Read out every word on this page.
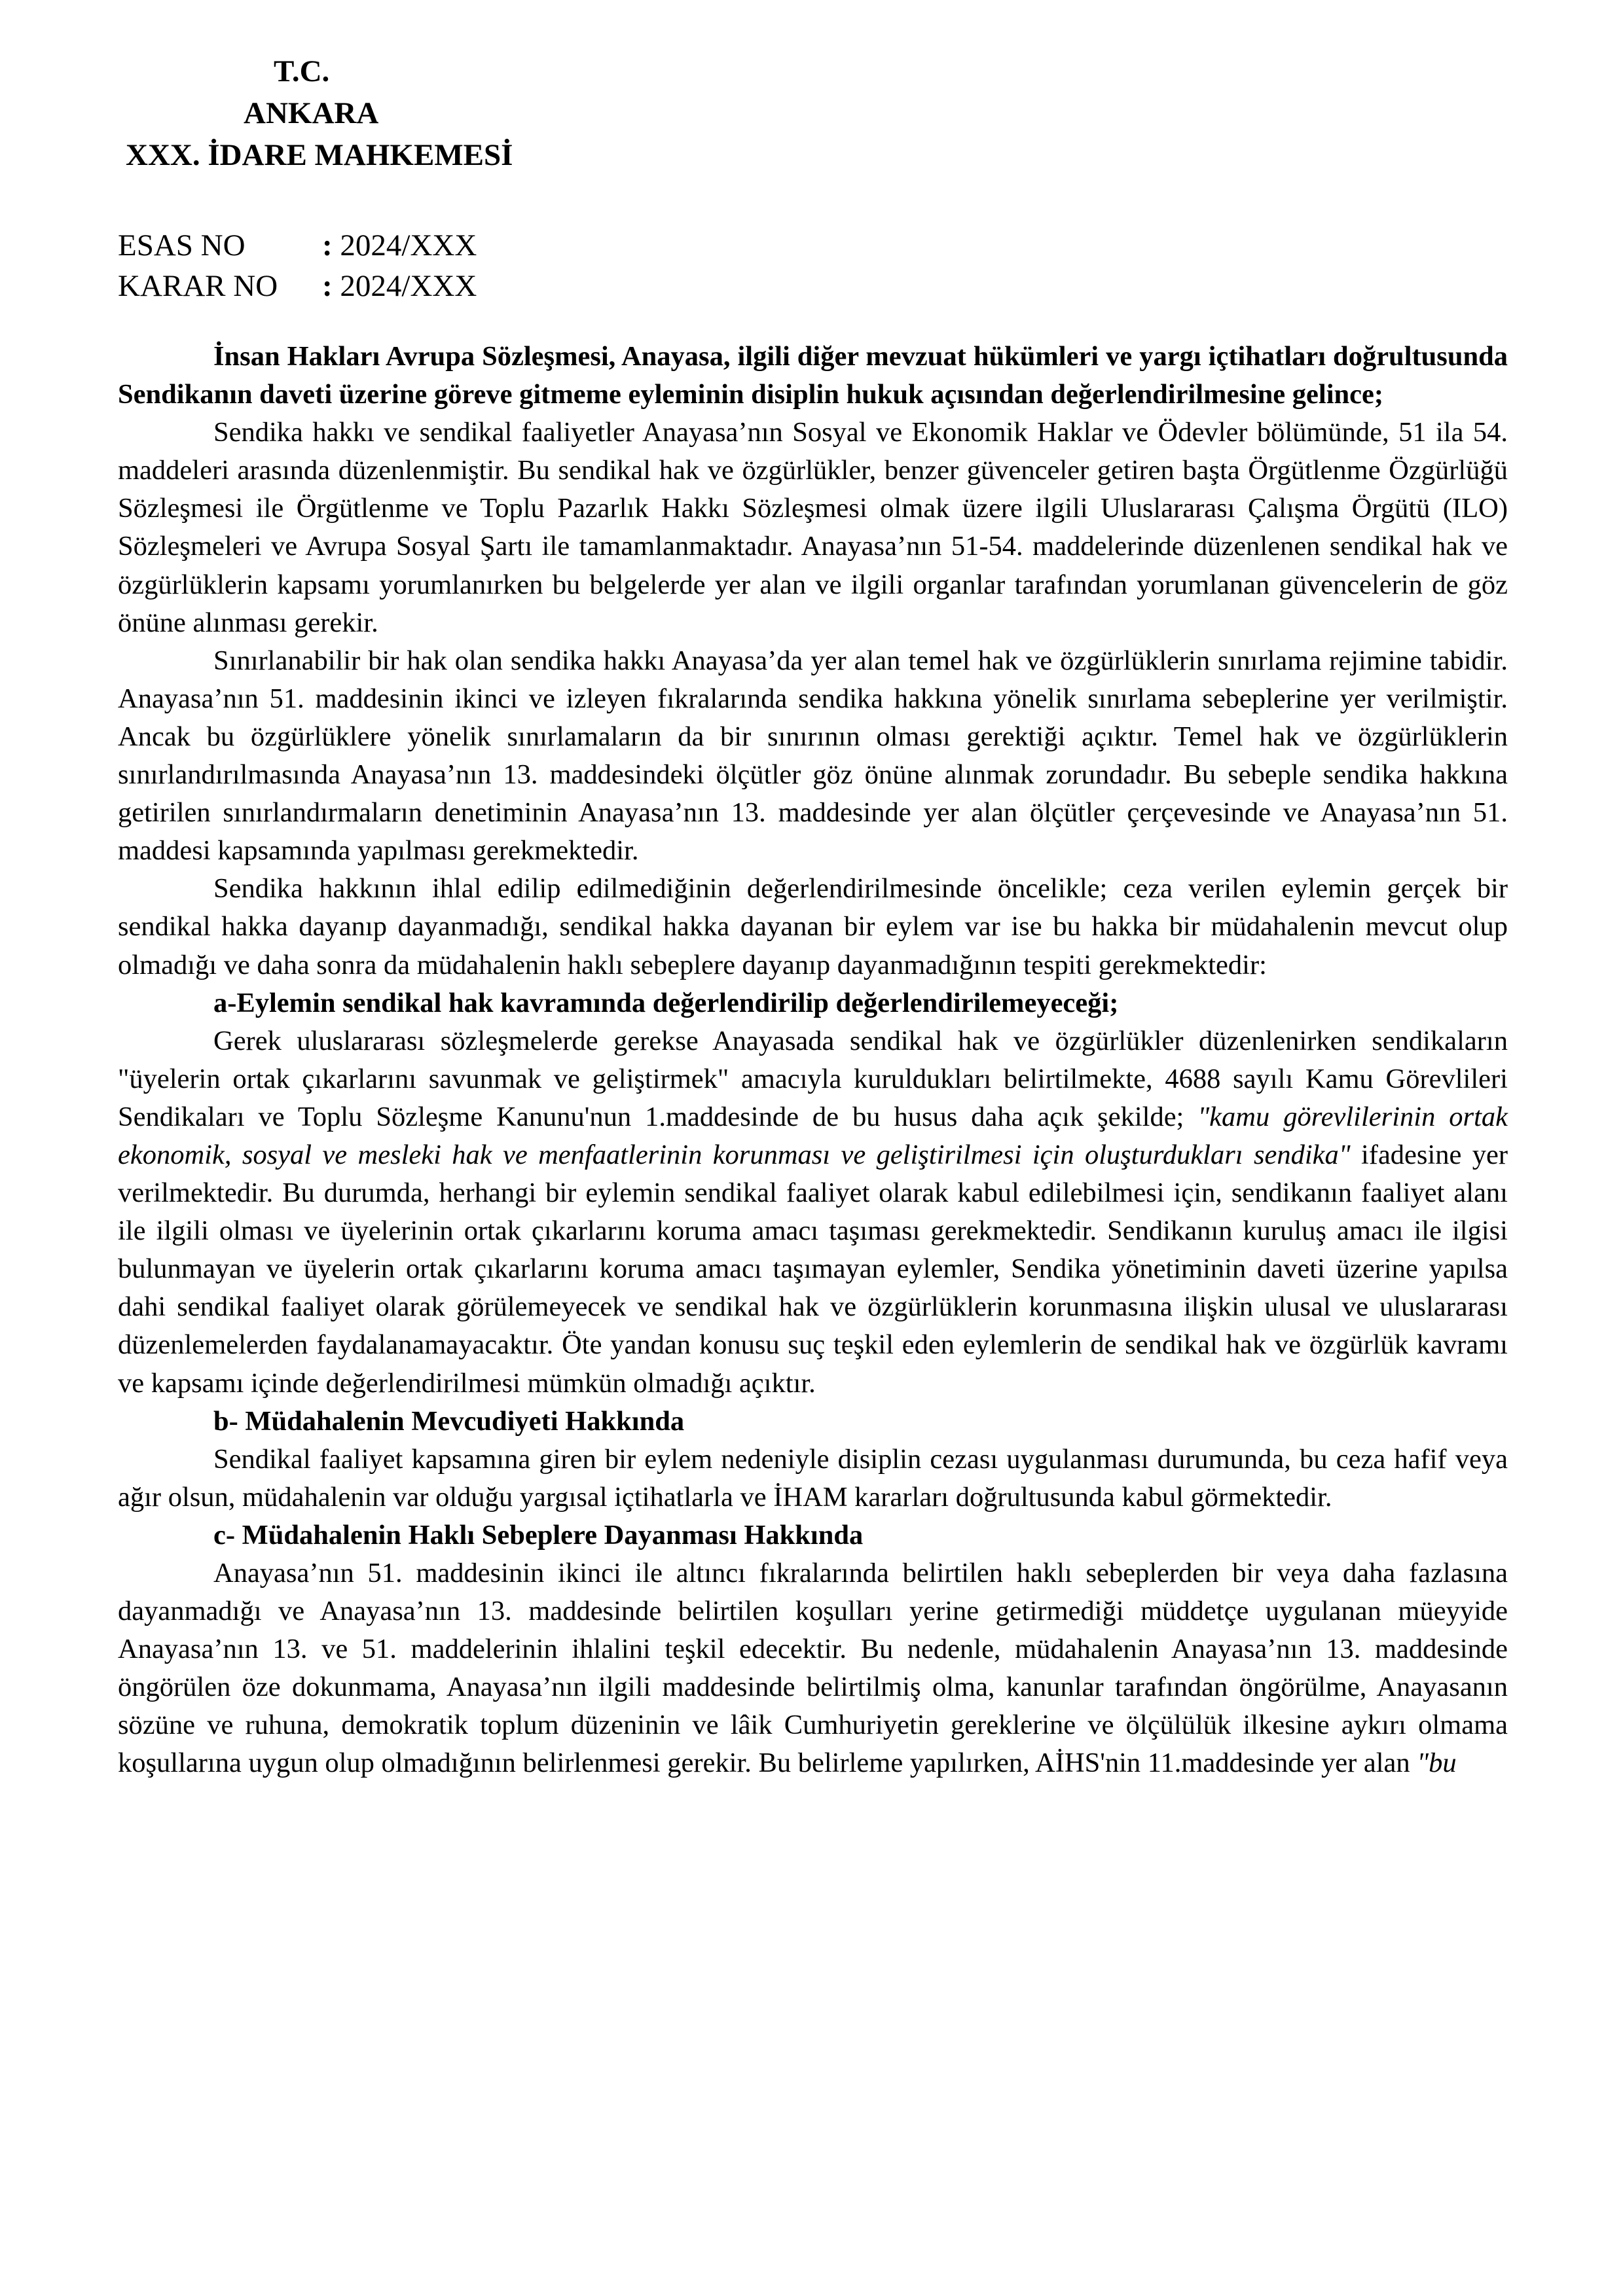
T.C.
ANKARA
XXX. İDARE MAHKEMESİ
ESAS NO : 2024/XXX
KARAR NO : 2024/XXX

İnsan Hakları Avrupa Sözleşmesi, Anayasa, ilgili diğer mevzuat hükümleri ve yargı içtihatları doğrultusunda Sendikanın daveti üzerine göreve gitmeme eyleminin disiplin hukuk açısından değerlendirilmesine gelince;

Sendika hakkı ve sendikal faaliyetler Anayasa’nın Sosyal ve Ekonomik Haklar ve Ödevler bölümünde, 51 ila 54. maddeleri arasında düzenlenmiştir. Bu sendikal hak ve özgürlükler, benzer güvenceler getiren başta Örgütlenme Özgürlüğü Sözleşmesi ile Örgütlenme ve Toplu Pazarlık Hakkı Sözleşmesi olmak üzere ilgili Uluslararası Çalışma Örgütü (ILO) Sözleşmeleri ve Avrupa Sosyal Şartı ile tamamlanmaktadır. Anayasa’nın 51-54. maddelerinde düzenlenen sendikal hak ve özgürlüklerin kapsamı yorumlanırken bu belgelerde yer alan ve ilgili organlar tarafından yorumlanan güvencelerin de göz önüne alınması gerekir.

Sınırlanabilir bir hak olan sendika hakkı Anayasa’da yer alan temel hak ve özgürlüklerin sınırlama rejimine tabidir. Anayasa’nın 51. maddesinin ikinci ve izleyen fıkralarında sendika hakkına yönelik sınırlama sebeplerine yer verilmiştir. Ancak bu özgürlüklere yönelik sınırlamaların da bir sınırının olması gerektiği açıktır. Temel hak ve özgürlüklerin sınırlandırılmasında Anayasa’nın 13. maddesindeki ölçütler göz önüne alınmak zorundadır. Bu sebeple sendika hakkına getirilen sınırlandırmaların denetiminin Anayasa’nın 13. maddesinde yer alan ölçütler çerçevesinde ve Anayasa’nın 51. maddesi kapsamında yapılması gerekmektedir.

Sendika hakkının ihlal edilip edilmediğinin değerlendirilmesinde öncelikle; ceza verilen eylemin gerçek bir sendikal hakka dayanıp dayanmadığı, sendikal hakka dayanan bir eylem var ise bu hakka bir müdahalenin mevcut olup olmadığı ve daha sonra da müdahalenin haklı sebeplere dayanıp dayanmadığının tespiti gerekmektedir:

a-Eylemin sendikal hak kavramında değerlendirilip değerlendirilemeyeceği;

Gerek uluslararası sözleşmelerde gerekse Anayasada sendikal hak ve özgürlükler düzenlenirken sendikaların "üyelerin ortak çıkarlarını savunmak ve geliştirmek" amacıyla kuruldukları belirtilmekte, 4688 sayılı Kamu Görevlileri Sendikaları ve Toplu Sözleşme Kanunu'nun 1.maddesinde de bu husus daha açık şekilde; "kamu görevlilerinin ortak ekonomik, sosyal ve mesleki hak ve menfaatlerinin korunması ve geliştirilmesi için oluşturdukları sendika" ifadesine yer verilmektedir. Bu durumda, herhangi bir eylemin sendikal faaliyet olarak kabul edilebilmesi için, sendikanın faaliyet alanı ile ilgili olması ve üyelerinin ortak çıkarlarını koruma amacı taşıması gerekmektedir. Sendikanın kuruluş amacı ile ilgisi bulunmayan ve üyelerin ortak çıkarlarını koruma amacı taşımayan eylemler, Sendika yönetiminin daveti üzerine yapılsa dahi sendikal faaliyet olarak görülemeyecek ve sendikal hak ve özgürlüklerin korunmasına ilişkin ulusal ve uluslararası düzenlemelerden faydalanamayacaktır. Öte yandan konusu suç teşkil eden eylemlerin de sendikal hak ve özgürlük kavramı ve kapsamı içinde değerlendirilmesi mümkün olmadığı açıktır.

b- Müdahalenin Mevcudiyeti Hakkında

Sendikal faaliyet kapsamına giren bir eylem nedeniyle disiplin cezası uygulanması durumunda, bu ceza hafif veya ağır olsun, müdahalenin var olduğu yargısal içtihatlarla ve İHAM kararları doğrultusunda kabul görmektedir.

c- Müdahalenin Haklı Sebeplere Dayanması Hakkında

Anayasa’nın 51. maddesinin ikinci ile altıncı fıkralarında belirtilen haklı sebeplerden bir veya daha fazlasına dayanmadığı ve Anayasa’nın 13. maddesinde belirtilen koşulları yerine getirmediği müddetçe uygulanan müeyyide Anayasa’nın 13. ve 51. maddelerinin ihlalini teşkil edecektir. Bu nedenle, müdahalenin Anayasa’nın 13. maddesinde öngörülen öze dokunmama, Anayasa’nın ilgili maddesinde belirtilmiş olma, kanunlar tarafından öngörülme, Anayasanın sözüne ve ruhuna, demokratik toplum düzeninin ve lâik Cumhuriyetin gereklerine ve ölçülülük ilkesine aykırı olmama koşullarına uygun olup olmadığının belirlenmesi gerekir. Bu belirleme yapılırken, AİHS'nin 11.maddesinde yer alan "bu
